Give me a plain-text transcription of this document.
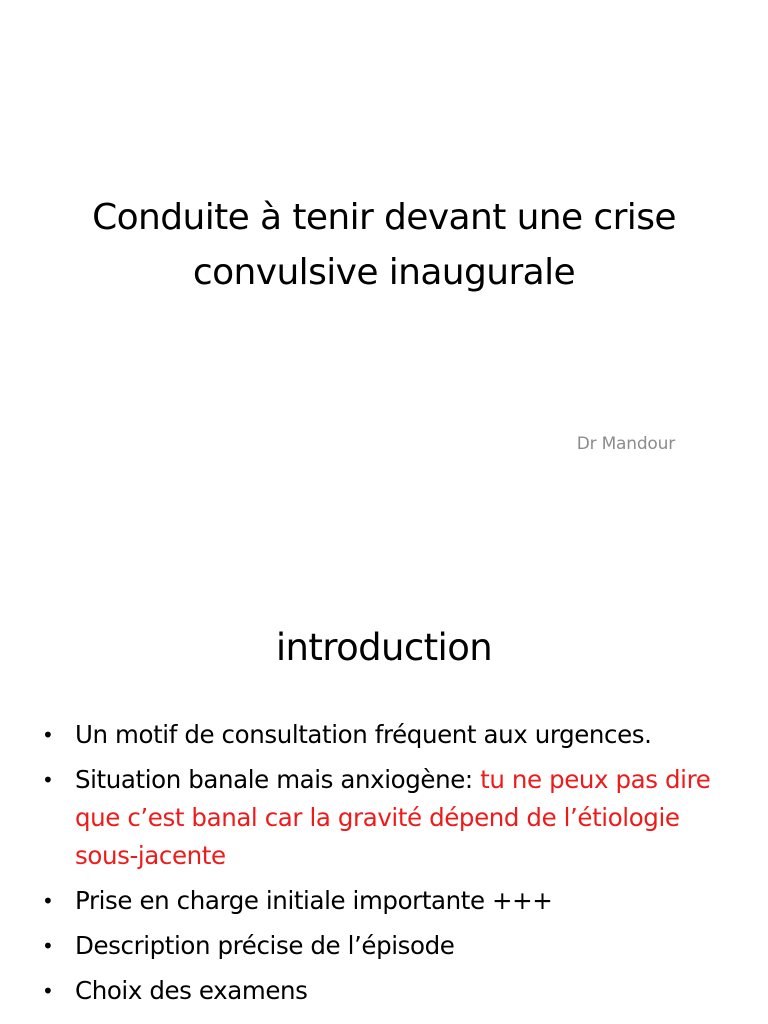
Conduite à tenir devant une crise convulsive inaugurale

Dr Mandour

introduction
• Un motif de consultation fréquent aux urgences.
• Situation banale mais anxiogène: tu ne peux pas dire que c’est banal car la gravité dépend de l’étiologie sous-jacente
• Prise en charge initiale importante +++
• Description précise de l’épisode
• Choix des examens
